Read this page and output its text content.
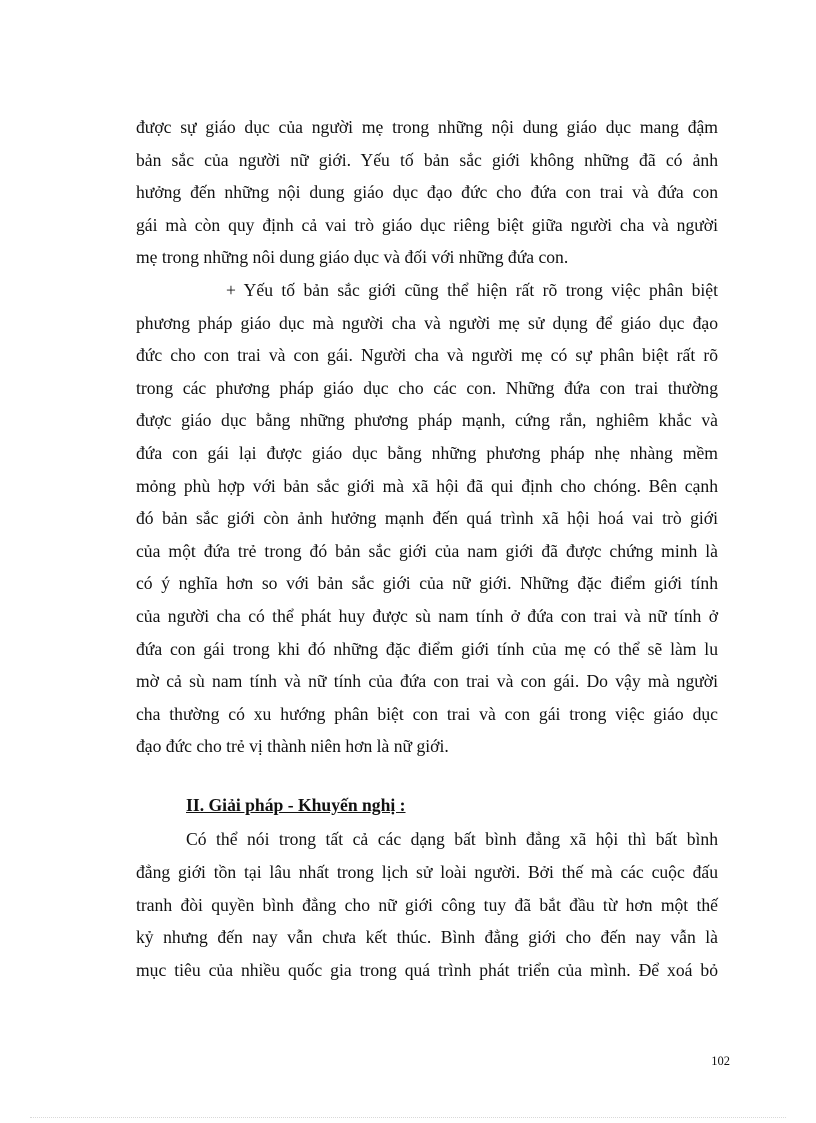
được sự giáo dục của người mẹ trong những nội dung giáo dục mang đậm
bản sắc của người nữ giới. Yếu tố bản sắc giới không những đã có ảnh
hưởng đến những nội dung giáo dục đạo đức cho đứa con trai và đứa con
gái mà còn quy định cả vai trò giáo dục riêng biệt giữa người cha và người
mẹ trong những nôi dung giáo dục và đối với những đứa con.
+ Yếu tố bản sắc giới cũng thể hiện rất rõ trong việc phân biệt
phương pháp giáo dục mà người cha và người mẹ sử dụng để giáo dục đạo
đức cho con trai và con gái. Người cha và người mẹ có sự phân biệt rất rõ
trong các phương pháp giáo dục cho các con. Những đứa con trai thường
được giáo dục bằng những phương pháp mạnh, cứng rắn, nghiêm khắc và
đứa con gái lại được giáo dục bằng những phương pháp nhẹ nhàng mềm
mỏng phù hợp với bản sắc giới mà xã hội đã qui định cho chóng. Bên cạnh
đó bản sắc giới còn ảnh hưởng mạnh đến quá trình xã hội hoá vai trò giới
của một đứa trẻ trong đó bản sắc giới của nam giới đã được chứng minh là
có ý nghĩa hơn so với bản sắc giới của nữ giới. Những đặc điểm giới tính
của người cha có thể phát huy được sù nam tính ở đứa con trai và nữ tính ở
đứa con gái trong khi đó những đặc điểm giới tính của mẹ có thể sẽ làm lu
mờ cả sù nam tính và nữ tính của đứa con trai và con gái. Do vậy mà người
cha thường có xu hướng phân biệt con trai và con gái trong việc giáo dục
đạo đức cho trẻ vị thành niên hơn là nữ giới.
II. Giải pháp - Khuyến nghị :
Có thể nói trong tất cả các dạng bất bình đẳng xã hội thì bất bình
đẳng giới tồn tại lâu nhất trong lịch sử loài người. Bởi thế mà các cuộc đấu
tranh đòi quyền bình đẳng cho nữ giới công tuy đã bắt đầu từ hơn một thế
kỷ nhưng đến nay vẫn chưa kết thúc. Bình đẳng giới cho đến nay vẫn là
mục tiêu của nhiều quốc gia trong quá trình phát triển của mình. Để xoá bỏ
102
